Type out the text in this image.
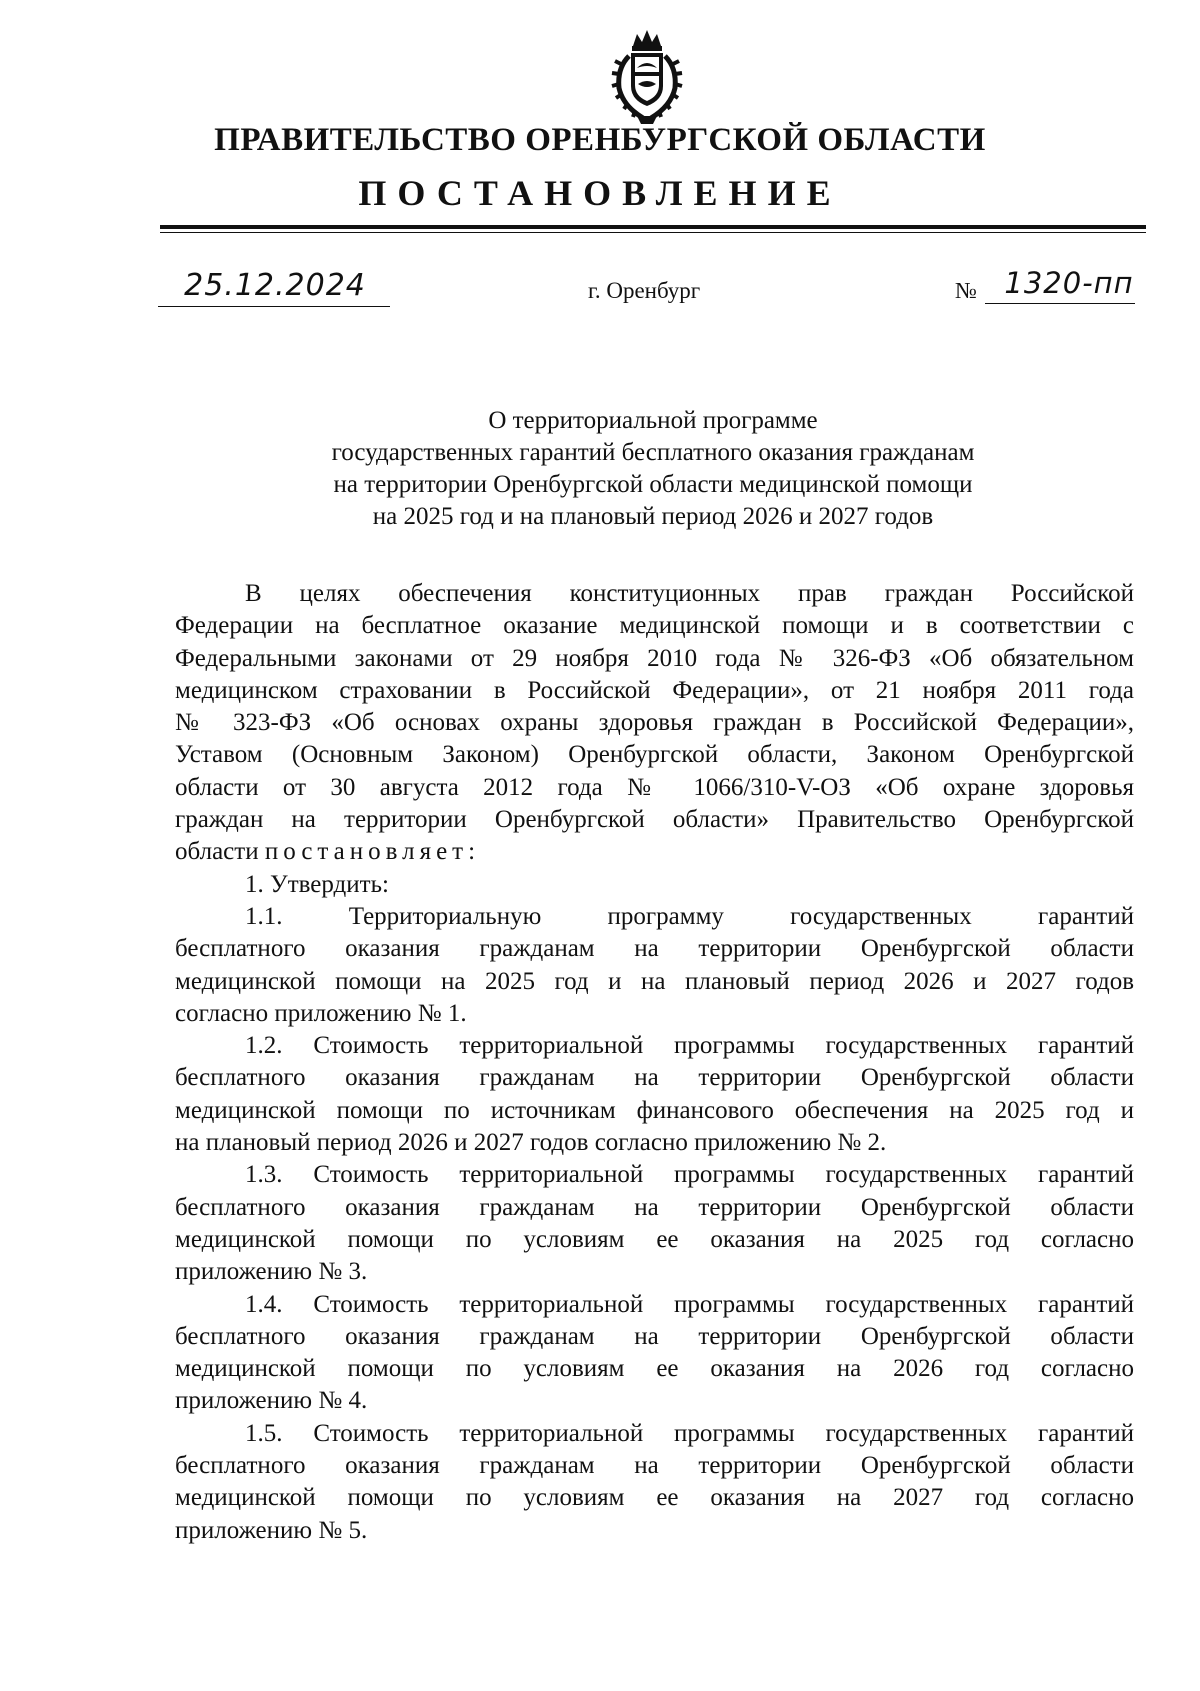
ПРАВИТЕЛЬСТВО ОРЕНБУРГСКОЙ ОБЛАСТИ
ПОСТАНОВЛЕНИЕ
25.12.2024	г. Оренбург	№ 1320-пп
О территориальной программе
государственных гарантий бесплатного оказания гражданам
на территории Оренбургской области медицинской помощи
на 2025 год и на плановый период 2026 и 2027 годов
В целях обеспечения конституционных прав граждан Российской
Федерации на бесплатное оказание медицинской помощи и в соответствии с
Федеральными законами от 29 ноября 2010 года № 326-ФЗ «Об обязательном
медицинском страховании в Российской Федерации», от 21 ноября 2011 года
№ 323-ФЗ «Об основах охраны здоровья граждан в Российской Федерации»,
Уставом (Основным Законом) Оренбургской области, Законом Оренбургской
области от 30 августа 2012 года № 1066/310-V-ОЗ «Об охране здоровья
граждан на территории Оренбургской области» Правительство Оренбургской
области постановляет:
1. Утвердить:
1.1. Территориальную программу государственных гарантий
бесплатного оказания гражданам на территории Оренбургской области
медицинской помощи на 2025 год и на плановый период 2026 и 2027 годов
согласно приложению № 1.
1.2. Стоимость территориальной программы государственных гарантий
бесплатного оказания гражданам на территории Оренбургской области
медицинской помощи по источникам финансового обеспечения на 2025 год и
на плановый период 2026 и 2027 годов согласно приложению № 2.
1.3. Стоимость территориальной программы государственных гарантий
бесплатного оказания гражданам на территории Оренбургской области
медицинской помощи по условиям ее оказания на 2025 год согласно
приложению № 3.
1.4. Стоимость территориальной программы государственных гарантий
бесплатного оказания гражданам на территории Оренбургской области
медицинской помощи по условиям ее оказания на 2026 год согласно
приложению № 4.
1.5. Стоимость территориальной программы государственных гарантий
бесплатного оказания гражданам на территории Оренбургской области
медицинской помощи по условиям ее оказания на 2027 год согласно
приложению № 5.
